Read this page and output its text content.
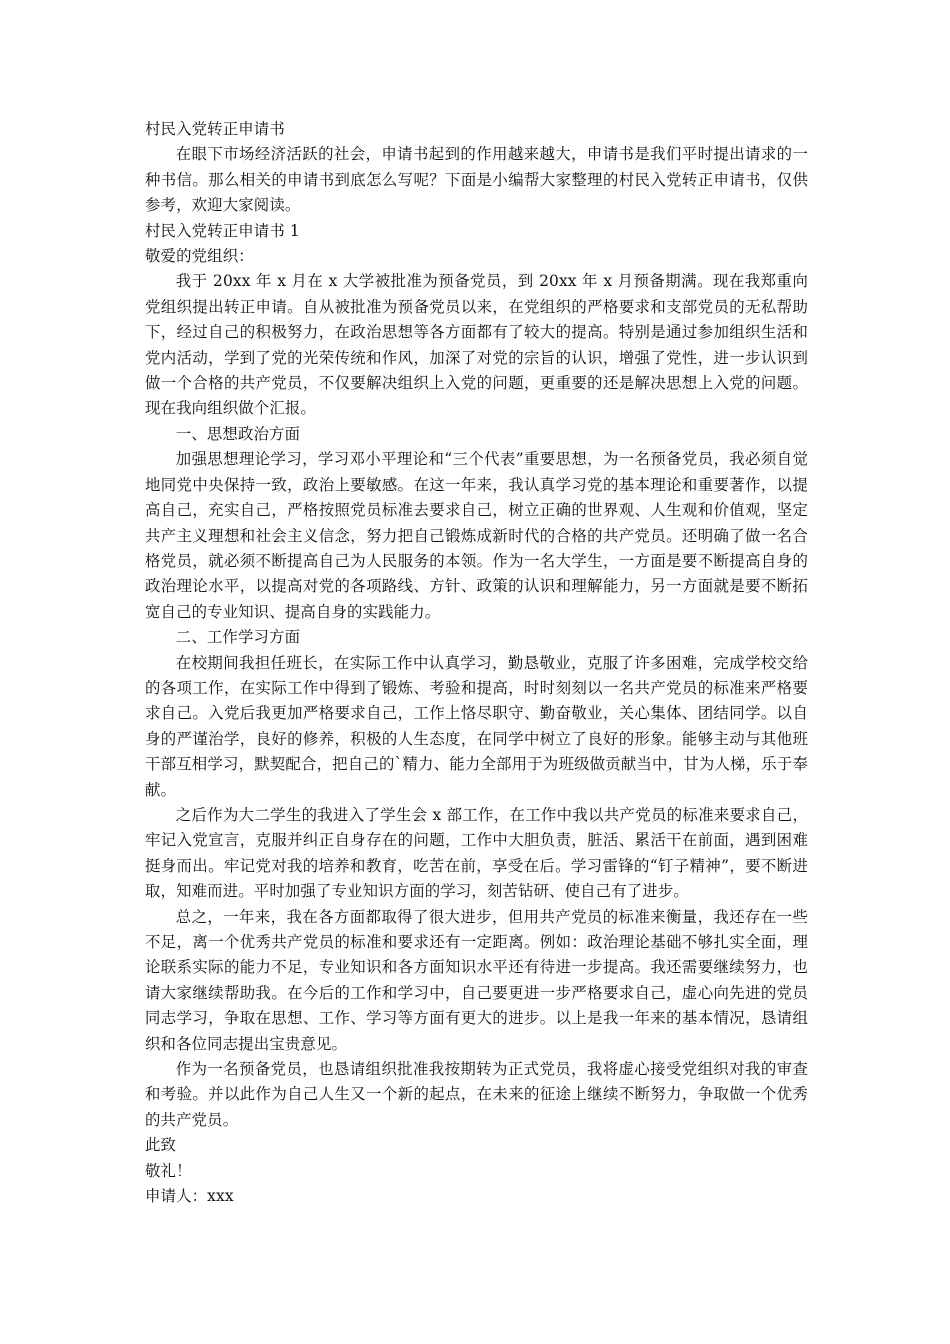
村民入党转正申请书

在眼下市场经济活跃的社会，申请书起到的作用越来越大，申请书是我们平时提出请求的一种书信。那么相关的申请书到底怎么写呢？下面是小编帮大家整理的村民入党转正申请书，仅供参考，欢迎大家阅读。

村民入党转正申请书 1

敬爱的党组织：

我于 20xx 年 x 月在 x 大学被批准为预备党员，到 20xx 年 x 月预备期满。现在我郑重向党组织提出转正申请。自从被批准为预备党员以来，在党组织的严格要求和支部党员的无私帮助下，经过自己的积极努力，在政治思想等各方面都有了较大的提高。特别是通过参加组织生活和党内活动，学到了党的光荣传统和作风，加深了对党的宗旨的认识，增强了党性，进一步认识到做一个合格的共产党员，不仅要解决组织上入党的问题，更重要的还是解决思想上入党的问题。现在我向组织做个汇报。

一、思想政治方面

加强思想理论学习，学习邓小平理论和“三个代表”重要思想，为一名预备党员，我必须自觉地同党中央保持一致，政治上要敏感。在这一年来，我认真学习党的基本理论和重要著作，以提高自己，充实自己，严格按照党员标准去要求自己，树立正确的世界观、人生观和价值观，坚定共产主义理想和社会主义信念，努力把自己锻炼成新时代的合格的共产党员。还明确了做一名合格党员，就必须不断提高自己为人民服务的本领。作为一名大学生，一方面是要不断提高自身的政治理论水平，以提高对党的各项路线、方针、政策的认识和理解能力，另一方面就是要不断拓宽自己的专业知识、提高自身的实践能力。

二、工作学习方面

在校期间我担任班长，在实际工作中认真学习，勤恳敬业，克服了许多困难，完成学校交给的各项工作，在实际工作中得到了锻炼、考验和提高，时时刻刻以一名共产党员的标准来严格要求自己。入党后我更加严格要求自己，工作上恪尽职守、勤奋敬业，关心集体、团结同学。以自身的严谨治学，良好的修养，积极的人生态度，在同学中树立了良好的形象。能够主动与其他班干部互相学习，默契配合，把自己的`精力、能力全部用于为班级做贡献当中，甘为人梯，乐于奉献。

之后作为大二学生的我进入了学生会 x 部工作，在工作中我以共产党员的标准来要求自己，牢记入党宣言，克服并纠正自身存在的问题，工作中大胆负责，脏活、累活干在前面，遇到困难挺身而出。牢记党对我的培养和教育，吃苦在前，享受在后。学习雷锋的“钉子精神”，要不断进取，知难而进。平时加强了专业知识方面的学习，刻苦钻研、使自己有了进步。

总之，一年来，我在各方面都取得了很大进步，但用共产党员的标准来衡量，我还存在一些不足，离一个优秀共产党员的标准和要求还有一定距离。例如：政治理论基础不够扎实全面，理论联系实际的能力不足，专业知识和各方面知识水平还有待进一步提高。我还需要继续努力，也请大家继续帮助我。在今后的工作和学习中，自己要更进一步严格要求自己，虚心向先进的党员同志学习，争取在思想、工作、学习等方面有更大的进步。以上是我一年来的基本情况，恳请组织和各位同志提出宝贵意见。

作为一名预备党员，也恳请组织批准我按期转为正式党员，我将虚心接受党组织对我的审查和考验。并以此作为自己人生又一个新的起点，在未来的征途上继续不断努力，争取做一个优秀的共产党员。

此致

敬礼！

申请人：xxx
